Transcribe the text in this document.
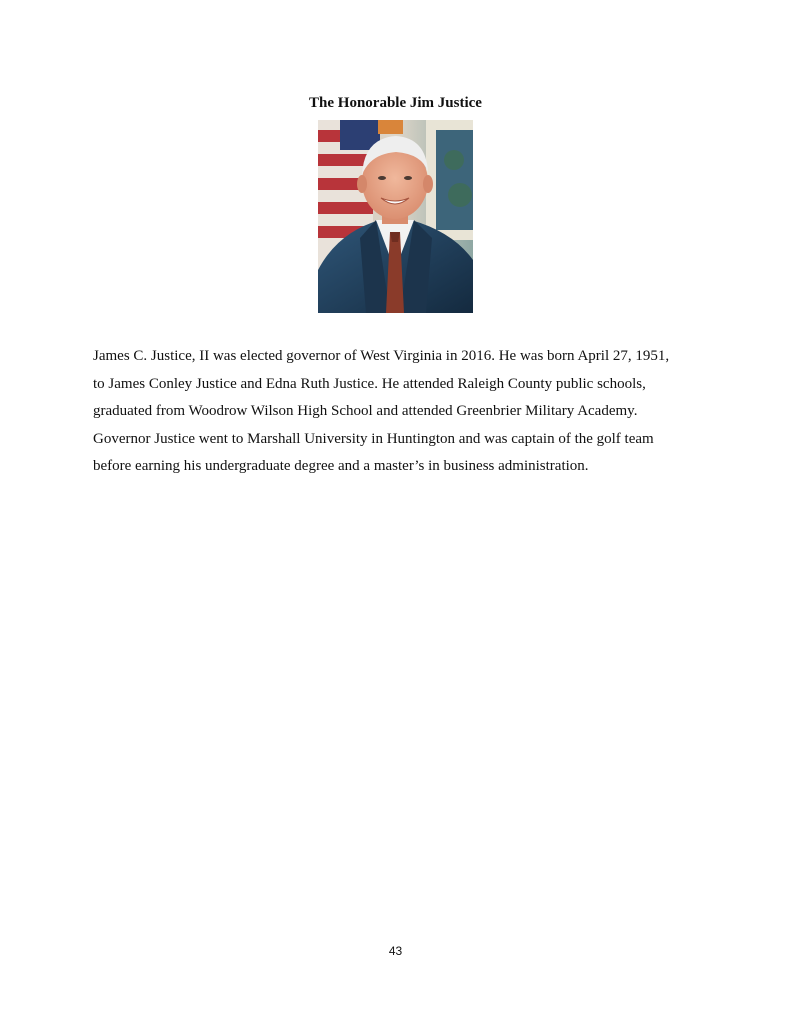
The Honorable Jim Justice
James C. Justice, II was elected governor of West Virginia in 2016. He was born April 27, 1951,
to James Conley Justice and Edna Ruth Justice. He attended Raleigh County public schools,
graduated from Woodrow Wilson High School and attended Greenbrier Military Academy.
Governor Justice went to Marshall University in Huntington and was captain of the golf team
before earning his undergraduate degree and a master’s in business administration.
43
